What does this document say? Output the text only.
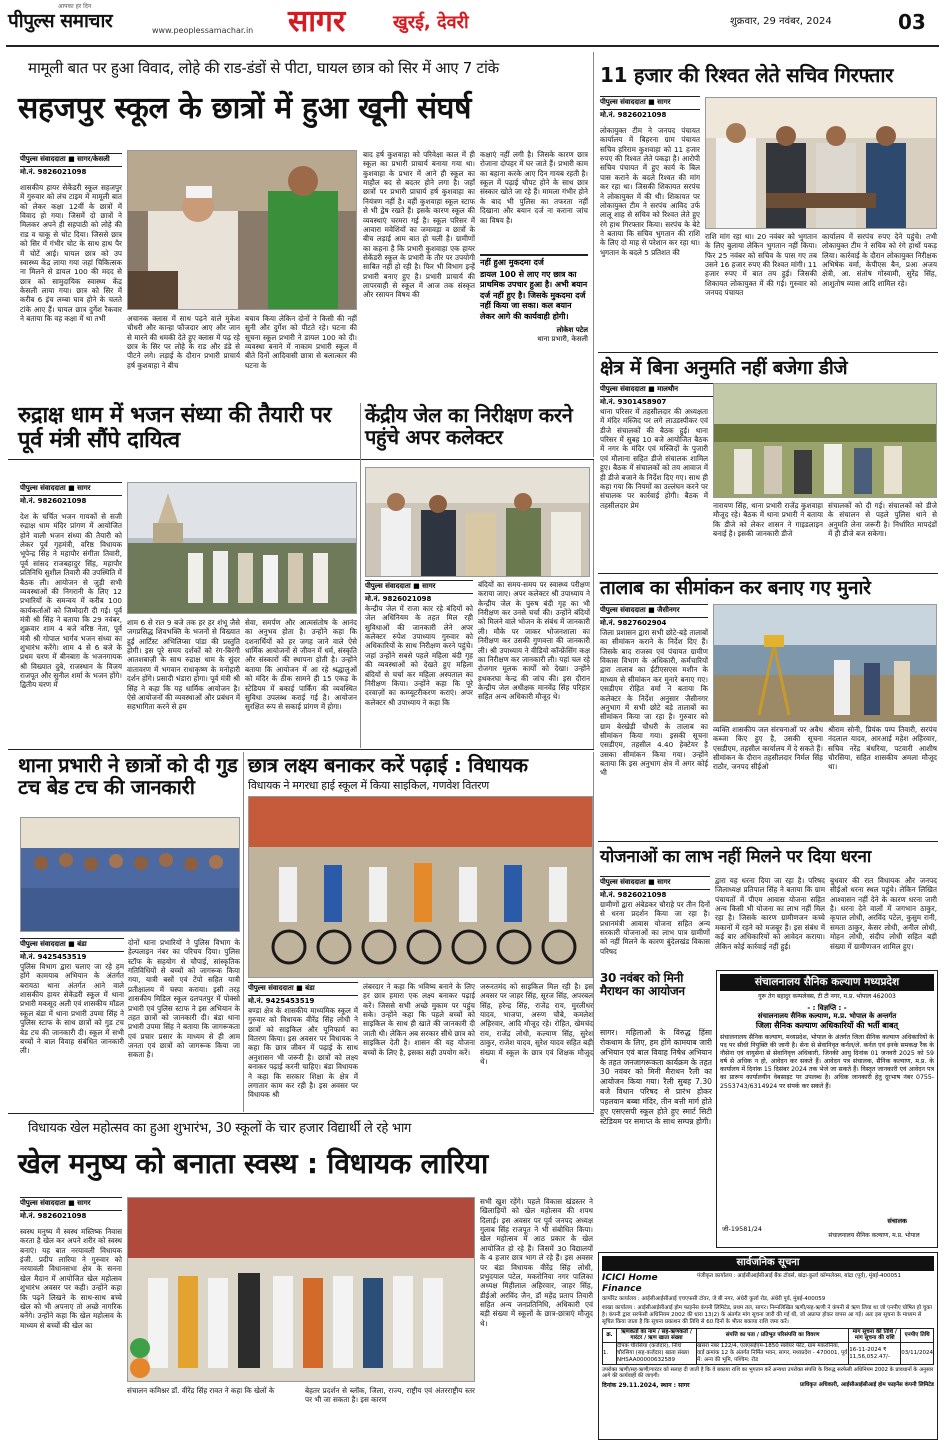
पीपुल्स समाचार
आपका हर दिन
www.peoplessamachar.in सागर	खुरई, देवरी	शुक्रवार, 29 नवंबर, 2024	03
मामूली बात पर हुआ विवाद, लोहे की राड-डंडों से पीटा, घायल छात्र को सिर में आए 7 टांके
सहजपुर स्कूल के छात्रों में हुआ खूनी संघर्ष
पीपुल्स संवाददाता ■ सागर/केसली
मो.नं. 9826021098
शासकीय हायर सेकेंडरी स्कूल सहजपुर में गुरुवार को लंच टाइम में मामूली बात को लेकर कक्षा 12वीं के छात्रों में विवाद हो गया। जिसमें दो छात्रों ने मिलकर अपने ही सहपाठी को लोहे की राड व चाकू से चोट दिया। जिससे छात्र को सिर में गंभीर चोट के साथ हाथ पैर में चोटें आई। घायल छात्र को उप स्वास्थ्य केंद्र लाया गया जहां चिकित्सक ना मिलने से डायल 100 की मदद से छात्र को सामुदायिक स्वास्थ्य केंद्र केसली लाया गया। छात्र को सिर में करीब 6 इंच लम्बा घाव होने के चलते टांके आए हैं। घायल छात्र दुर्गेश रैकवार ने बताया कि वह कक्षा में था तभी	अचानक क्लास में साथ पढ़ने वाले मुकेश चौधरी और कान्हा फौजदार आए और जान से मारने की धमकी देते हुए क्लास में पढ़ रहे छात्र के सिर पर लोहे के राड और डंडे से पीटने लगे। लड़ाई के दौरान प्रभारी प्राचार्य हर्ष कुशवाहा ने बीच
बचाव किया लेकिन दोनों ने किसी की नहीं सुनी और दुर्गेश को पीटते रहे। घटना की सूचना स्कूल प्रभारी ने डायल 100 को दी। व्यवस्था बनाने में नाकाम प्रभारी स्कूल में बीते दिनों आदिवासी छात्रा से बलात्कार की घटना के
बाद हर्ष कुशवाहा को परिवेक्षा काल में ही स्कूल का प्रभारी प्राचार्य बनाया गया था। कुशवाहा के प्रभार में आने ही स्कूल का माहौल बद से बदतर होने लगा है। जहाँ छात्रों पर प्रभारी प्राचार्य हर्ष कुशवाहा का नियंत्रण नहीं है। वहीं कुशवाहा स्कूल स्टाफ से भी द्वेष रखते हैं। इसके कारण स्कूल की व्यवस्थाएं चरमरा गई है। स्कूल परिसर में आवारा मवेशियों का जमावड़ा व छात्रों के बीच लड़ाई आम बात हो चली है। ग्रामीणों का कहना है कि प्रभारी कुशवाहा एक हायर सेकेंडरी स्कूल के प्रभारी के तौर पर उपयोगी साबित नहीं हो रही है। फिर भी विभाग इन्हें प्रभारी बनाए हुए है। प्रभारी प्राचार्य की लापरवाही से स्कूल में आज तक संस्कृत और रसायन विषय की
कक्षाएं नहीं लगी है। जिसके कारण छात्र रोजाना दोपहर में घर जाते हैं। प्रभारी काम का बहाना करके आए दिन गायब रहती है। स्कूल में पढ़ाई चौपट होने के साथ छात्र संस्कार खोते जा रहे हैं। मामला गंभीर होने के बाद भी पुलिस का तफरता नहीं दिखाना और बयान दर्ज ना कराना जांच का विषय है।
नहीं हुआ मुकदमा दर्ज
डायल 100 से लाए गए छात्र का प्राथमिक उपचार हुआ है। अभी बयान दर्ज नहीं हुए है। जिसके मुकदमा दर्ज नहीं किया जा सका। कल बयान लेकर आगे की कार्यवाही होगी।
लोकेश पटेल
थाना प्रभारी, केसली
11 हजार की रिश्वत लेते सचिव गिरफ्तार
पीपुल्स संवाददाता ■ सागर
मो.नं. 9826021098
लोकायुक्त टीम ने जनपद पंचायत कार्यालय में बिहरना ग्राम पंचायत सचिव हरिराम कुशवाहा को 11 हजार रुपए की रिश्वत लेते पकड़ा है। आरोपी सचिव पंचायत में हुए कार्य के बिल पास कराने के बदले रिश्वत की मांग कर रहा था। जिसकी शिकायत सरपंच ने लोकायुक्त में की थी। शिकायत पर लोकायुक्त टीम ने सरपंच आविद उर्फ लालू शाह से सचिव को रिश्वत लेते हुए रंगे हाथ गिरफ्तार किया। सरपंच के बेटे ने बताया कि सचिव भुगतान की राशि के लिए दो माह से परेशान कर रहा था। भुगतान के बदले 5 प्रतिशत की
राशि मांग रहा था। 20 नवंबर को भुगतान के लिए बुलाया लेकिन भुगतान नहीं किया। फिर 25 नवंबर को सचिव के पास गए तब उसने 16 हजार रुपए की रिश्वत मांगी। 11 हजार रुपए में बात तय हुई। जिसकी शिकायत लोकायुक्त में की गई। गुरुवार को जनपद पंचायत
कार्यालय में सरपंच रुपए देने पहुंचे। तभी लोकायुक्त टीम ने सचिव को रंगे हाथों पकड़ लिया। कार्रवाई के दौरान लोकायुक्त निरीक्षक अभिषेक वर्मा, केपीएस बैन, प्रआ अजय क्षेत्री, आ. संतोष गोस्वामी, सुरेंद्र सिंह, आशुतोष व्यास आदि शामिल रहे।
क्षेत्र में बिना अनुमति नहीं बजेगा डीजे
पीपुल्स संवाददाता ■ मालथौन
मो.नं. 9301458907
थाना परिसर में तहसीलदार की अध्यक्षता में मंदिर मस्जिद पर लगे लाउडस्पीकर एवं डीजे संचालकों की बैठक हुई। थाना परिसर में सुबह 10 बजे आयोजित बैठक में नगर के मंदिर एवं मस्जिदों के पुजारी एवं मौलाना सहित डीजे संचालक शामिल हुए। बैठक में संचालकों को तय आवाज में ही डीजे बजाने के निर्देश दिए गए। साथ ही कहा गया कि नियमों का उल्लंघन करने पर संचालक पर कार्रवाई होगी। बैठक में तहसीलदार प्रेम	नारायण सिंह, थाना प्रभारी राजेंद्र कुशवाहा मौजूद रहे। बैठक में थाना प्रभारी ने बताया कि डीजे को लेकर शासन ने गाइडलाइन बनाई है। इसकी जानकारी डीजे
संचालकों को दी गई। संचालकों को डीजे के संचालन से पहले पुलिस थाने से अनुमति लेना जरूरी है। निर्धारित मापदंडों में ही डीजे बज सकेगा।
रुद्राक्ष धाम में भजन संध्या की तैयारी पर पूर्व मंत्री सौंपे दायित्व
पीपुल्स संवाददाता ■ सागर
मो.नं. 9826021098
देश के चर्चित भजन गायकों से सजी रुद्राक्ष धाम मंदिर प्रांगण में आयोजित होने वाली भजन संध्या की तैयारी को लेकर पूर्व गृहमंत्री, वरिष्ठ विधायक भूपेन्द्र सिंह ने महापौर संगीता तिवारी, पूर्व सांसद राजबहादुर सिंह, महापौर प्रतिनिधि सुशील तिवारी की उपस्थिति में बैठक ली। आयोजन से जुड़ी सभी व्यवस्थाओं की निगरानी के लिए 12 प्रभारियों के समन्वय में करीब 100 कार्यकर्ताओं को जिम्मेदारी दी गई। पूर्व मंत्री श्री सिंह ने बताया कि 29 नवंबर, शुक्रवार शाम 4 बजे वरिष्ठ नेता, पूर्व मंत्री श्री गोपाल भार्गव भजन संध्या का शुभारंभ करेंगे। शाम 4 से 6 बजे के प्रथम चरण में बीनबाग़ के भजनगायक श्री विख्यात दुबे, राजस्थान के विजय राजपूत और सुनील शर्मा के भजन होंगे। द्वितीय चरण में
शाम 6 से रात 9 बजे तक हर हर शंभू जैसे जगप्रसिद्ध शिवभक्ति के भजनों से विख्यात हुईं आर्टिस्ट अभिलिप्सा पांडा की प्रस्तुति होगी। इस पूरे समय दर्शकों को रंग-बिरंगी आतशबाज़ी के साथ रुद्राक्ष धाम के सुंदर वातावरण में भगवान राधाकृष्ण के मनोहारी दर्शन होंगे। प्रसादी भंडारा होगा। पूर्व मंत्री श्री सिंह ने कहा कि यह धार्मिक आयोजन है। ऐसे आयोजनों की व्यवस्थाओं और प्रबंधन में सहभागिता करने से हम
सेवा, समर्पण और आत्मसंतोष के आनंद का अनुभव होता है। उन्होंने कहा कि दशनार्थियों को हर जगह जाने वाले ऐसे धार्मिक आयोजनों से जीवन में धर्म, संस्कृति और संस्कारों की स्थापना होती है। उन्होंने बताया कि आयोजन में आ रहे श्रद्धालुओं को मंदिर के ठीक सामने ही 15 एकड़ के स्टेडियम में बकाई पार्किंग की व्यवस्थित सुविधा उपलब्ध कराई गई है। आयोजन सुरक्षित रूप से सकाई प्रांगण में होगा।
केंद्रीय जेल का निरीक्षण करने पहुंचे अपर कलेक्टर
पीपुल्स संवाददाता ■ सागर
मो.नं. 9826021098
केन्द्रीय जेल में राजा कार रहे बंदियों को जेल अधिनियम के तहत मिल रही सुविधाओं की जानकारी लेने अपर कलेक्टर रुपेश उपाध्याय गुरुवार को अधिकारियों के साथ निरीक्षण करने पहुंचे। जहां उन्होंने सबसे पहले महिला बंदी गृह की व्यवस्थाओं को देखते हुए महिला बंदियों से चर्चा कर महिला अस्पताल का निरीक्षण किया। उन्होंने कहा कि पूरे दरवाज़ों का कम्प्यूटरीकरण कराएं। अपर कलेक्टर श्री उपाध्याय ने कहा कि
बंदियों का समय-समय पर स्वास्थ्य परीक्षण कराया जाए। अपर कलेक्टर श्री उपाध्याय ने केन्द्रीय जेल के पुरुष बंदी गृह का भी निरीक्षण कर उनसे चर्चा की। उन्होंने बंदियों को मिलने वाले भोजन के संबंध में जानकारी ली। मौके पर जाकर भोजनशाला का निरीक्षण कर उसकी गुणवत्ता की जानकारी ली। श्री उपाध्याय ने वीडियो कॉन्फ्रेंसिंग कक्ष का निरीक्षण कर जानकारी ली। यहां चल रहे रोजगार मूलक कार्यों को देखा। उन्होंने हथकरघा केन्द्र की जांच की। इस दौरान केन्द्रीय जेल अधीक्षक मानवेंद्र सिंह परिहार सहित अन्य अधिकारी मौजूद थे।
तालाब का सीमांकन कर बनाए गए मुनारे
पीपुल्स संवाददाता ■ जैसीनगर
मो.नं. 9827602904
जिला प्रशासन द्वारा सभी छोटे-बड़े तालाबों का सीमांकन कराने के निर्देश दिए हैं। जिसके बाद राजस्व एवं पंचायत ग्रामीण विकास विभाग के अधिकारी, कर्मचारियों द्वारा तालाब का ईटीएसएस मशीन के माध्यम से सीमांकन कर मुनारे बनाए गए। एसडीएम रोहित वर्मा ने बताया कि कलेक्टर के निर्देश अनुसार जैसीनगर अनुभाग में सभी छोटे बड़े तालाबों का सीमांकन किया जा रहा है। गुरुवार को ग्राम बेरखेड़ी चौधरी के तालाब का सीमांकन किया गया। इसकी सूचना एसडीएम, तहसील 4.40 हेक्टेयर है उसका सीमांकन किया गया। उन्होंने बताया कि इस अनुभाग क्षेत्र में अगर कोई भी
व्यक्ति शासकीय जल संरचनाओं पर अवैध कब्जा किए हुए है, उसकी सूचना एसडीएम, तहसील कार्यालय में दे सकते हैं। सीमांकन के दौरान तहसीलदार निर्मल सिंह राठौर, जनपद सीईओ
श्रीराम सोनी, प्रियंक पम्प तिवारी, सरपंच नंदलाल यादव, आरआई महेश अहिरवार, सचिव नरेंद्र बंधरिया, पटवारी आशीष चौरसिया, सहित शासकीय अमला मौजूद था।
थाना प्रभारी ने छात्रों को दी गुड टच बेड टच की जानकारी
पीपुल्स संवाददाता ■ बंडा
मो.नं. 9425453519
पुलिस विभाग द्वारा चलाए जा रहे हम होंगे कामयाब अभियान के अंतर्गत बरायठा थाना अंतर्गत आने वाले शासकीय हायर सेकेंडरी स्कूल में थाना प्रभारी मकसूद अली एवं शासकीय मॉडल स्कूल बंडा में थाना प्रभारी उपमा सिंह ने पुलिस स्टाफ के साथ छात्रों को गुड टच बेड टच की जानकारी दी। स्कूल में सभी बच्चों ने बाल विवाह संबंधित जानकारी ली।
दोनों थाना प्रभारियों ने पुलिस विभाग के हेल्पलाइन नंबर का परिचय दिया। पुलिस स्टॉफ के सहयोग से चौपाई, सांस्कृतिक गतिविधियों से बच्चों को जागरूक किया गया, यात्री बसों एवं टेंपो सहित यात्री प्रतीक्षालय में चस्पा कराया। इसी तरह शासकीय मिडिल स्कूल दलपतपुर में पोक्सो प्रभारी एवं पुलिस स्टाफ ने इस अभियान के तहत छात्रों को जानकारी दी। बंडा थाना प्रभारी उपमा सिंह ने बताया कि जागरूकता एवं प्रचार प्रसार के माध्यम से ही आम जनता एवं छात्रों को जागरूक किया जा सकता है।
छात्र लक्ष्य बनाकर करें पढ़ाई : विधायक
विधायक ने मगरधा हाई स्कूल में किया साइकिल, गणवेश वितरण
पीपुल्स संवाददाता ■ बंडा
मो.नं. 9425453519
बण्डा क्षेत्र के शासकीय माध्यमिक स्कूल में गुरुवार को विधायक वीरेंद्र सिंह लोधी ने छात्रों को साइकिल और यूनिफार्म का वितरण किया। इस अवसर पर विधायक ने कहा कि छात्र जीवन में पढ़ाई के साथ अनुशासन भी जरूरी है। छात्रों को लक्ष्य बनाकर पढ़ाई करनी चाहिए। बंडा विधायक ने कहा कि सरकार शिक्षा के क्षेत्र में लगातार काम कर रही है। इस अवसर पर विधायक श्री
लंबरदार ने कहा कि भविष्य बनाने के लिए हर छात्र हमारा एक लक्ष्य बनाकर पढ़ाई करें। जिससे सभी अच्छे मुकाम पर पहुंच सके। उन्होंने कहा कि पहले बच्चों को साइकिल के साथ ही खाते की जानकारी दी जाती थी। लेकिन अब सरकार सीधे छात्र को साइकिल देती है। शासन की यह योजना बच्चों के लिए है, इसका सही उपयोग करें।
जरूरतमंद को साइकिल मिल रही है। इस अवसर पर जाहर सिंह, सूरज सिंह, अपरबल सिंह, हरेन्द्र सिंह, राजेंद्र राय, मुरलीधर यादव, भाजपा, अरुण चौबे, कमलेश अहिरवार, आदि मौजूद रहे। रोहित, खेमचंद राय, राजेंद्र लोधी, कल्याण सिंह, सुरेश ठाकुर, राजेश यादव, सुरेश यादव सहित बड़ी संख्या में स्कूल के छात्र एवं शिक्षक मौजूद थे।
योजनाओं का लाभ नहीं मिलने पर दिया धरना
पीपुल्स संवाददाता ■ सागर
मो.नं. 9826021098
ग्रामीणों द्वारा अंबेडकर चौराहे पर तीन दिनों से धरना प्रदर्शन किया जा रहा है। प्रधानमंत्री आवास योजना सहित अन्य सरकारी योजनाओं का लाभ पात्र ग्रामीणों को नहीं मिलने के कारण बुंदेलखंड विकास परिषद
द्वारा यह धरना दिया जा रहा है। परिषद जिलाध्यक्ष प्रतिपाल सिंह ने बताया कि ग्राम पंचायतों में पीएम आवास योजना सहित अन्य किसी भी योजना का लाभ नहीं मिल रहा है। जिसके कारण ग्रामीणजन कच्चे मकानों में रहने को मजबूर हैं। इस संबंध में कई बार अधिकारियों को आवेदन कराया। लेकिन कोई कार्रवाई नहीं हुई।
बुधवार की रात विधायक और जनपद सीईओ धरना स्थल पहुंचे। लेकिन लिखित आश्वासन नहीं देने के कारण धरना जारी है। धरना देने वालों में जगभान ठाकुर, कृपाल लोधी, अरविंद पटेल, कुसुम रानी, समता ठाकुर, केसर लोधी, अनील लोधी, मोहन लोधी, संदीप लोधी सहित बड़ी संख्या में ग्रामीणजन शामिल हुए।
30 नवंबर को मिनी मैराथन का आयोजन
सागर। महिलाओं के विरुद्ध हिंसा रोकथाम के लिए, हम होंगे कामयाब जारी अभियान एवं बाल विवाह निषेध अभियान के तहत जनजागरूकता कार्यक्रम के तहत 30 नवंबर को मिनी मैराथन रैली का आयोजन किया गया। रैली सुबह 7.30 बजे विधान परिषद से प्रारंभ होकर पहलवान बब्बा मंदिर, तीन बत्ती मार्ग होते हुए एसएसपी स्कूल होते हुए स्मार्ट सिटी स्टेडियम पर समाप्त के साथ सम्पन्न होगी।
संचालनालय सैनिक कल्याण मध्यप्रदेश
गुरू तेग बहादुर कम्पलेक्स, टी टी नगर, म.प्र. भोपाल 462003
- : विज्ञप्ति : -
संचालनालय सैनिक कल्याण, म.प्र. भोपाल के अन्तर्गत
जिला सैनिक कल्याण अधिकारियों की भर्ती बाबत्
संचालनालय सैनिक कल्याण, मध्यप्रदेश, भोपाल के अंतर्गत जिला सैनिक कल्याण अधिकारियों के पद पर सीधी नियुक्ति की जानी है। सेना से सेवानिवृत कर्नल/ले. कर्नल एवं इनके समकक्ष रैंक के नौसेना एवं वायुसेना से सेवानिवृत्त अधिकारी, जिनकी आयु दिनांक 01 जनवरी 2025 को 59 वर्ष से अधिक न हो, आवेदन कर सकते हैं। आवेदन पत्र संचालक, सैनिक कल्याण, म.प्र. के कार्यालय में दिनांक 15 दिसंबर 2024 तक भेजे जा सकते हैं। विस्तृत जानकारी एवं आवेदन पत्र का प्रारूप कार्यालयीन वेबसाइट पर उपलब्ध है। अधिक जानकारी हेतु दूरभाष नंबर 0755-2553743/6314924 पर संपर्क कर सकते हैं।
जी-19581/24
संचालक
संचालनालय सैनिक कल्याण, म.प्र. भोपाल
विधायक खेल महोत्सव का हुआ शुभारंभ, 30 स्कूलों के चार हजार विद्यार्थी ले रहे भाग
खेल मनुष्य को बनाता स्वस्थ : विधायक लारिया
पीपुल्स संवाददाता ■ सागर
मो.नं. 9826021098
स्वस्थ मनुष्य में स्वस्थ मस्तिष्क निवास करता है खेल कर अपने शरीर को स्वस्थ बनाएं। यह बात नरयावली विधायक इंजी. प्रदीप लारिया ने गुरुवार को नरयावली विधानसभा क्षेत्र के सनना खेल मैदान में आयोजित खेल महोत्सव शुभारंभ अवसर पर कही। उन्होंने कहा कि पढ़ने लिखने के साथ-साथ बच्चे खेल को भी अपनाए तो अच्छे नागरिक बनेंगे। उन्होंने कहा कि खेल महोत्सव के माध्यम से बच्चों की खेल का
सभी खुश रहेंगे। पहले विकास खंडस्तर ने खिलाड़ियों को खेल महोत्सव की शपथ दिलाई। इस अवसर पर पूर्व जनपद अध्यक्ष गुलाब सिंह राजपूत ने भी संबोधित किया। खेल महोत्सव में आठ प्रकार के खेल आयोजित हो रहे हैं। जिसमें 30 विद्यालयों के 4 हजार छात्र भाग ले रहे हैं। इस अवसर पर बंडा विधायक वीरेंद्र सिंह लोधी, प्रभुदयाल पटेल, मकरोनिया नगर पालिका अध्यक्ष मिहीलाल अहिरवार, जाहर सिंह, डीईओ अरविंद जैन, डॉ महेंद्र प्रताप तिवारी सहित अन्य जनप्रतिनिधि, अधिकारी एवं बड़ी संख्या में स्कूलों के छात्र-छात्राएं मौजूद थे।
संचालन कमिश्नर डॉ. वीरेंद्र सिंह रावत ने कहा कि खेलों के	बेहतर प्रदर्शन से ब्लॉक, जिला, राज्य, राष्ट्रीय एवं अंतरराष्ट्रीय स्तर पर भी जा सकता है। इस कारण
सार्वजनिक सूचना
ICICI Home Finance
पंजीकृत कार्यालय : आईसीआईसीआई बैंक टॉवर्स, बांद्रा-कुर्ला कॉम्पलेक्स, बांद्रा (पूर्व), मुंबई-400051
कार्पोरेट कार्यालय : आईसीआईसीआई एचएफसी टॉवर, जे बी नगर, अंधेरी कुर्ला रोड, अंधेरी पूर्व, मुंबई-400059
शाखा कार्यालय : आईसीआईसीआई होम फाइनेंस कंपनी लिमिटेड, प्रथम तल, सागर। निम्नलिखित ऋणी/सह-ऋणी ने कंपनी से ऋण लिया था जो एनपीए घोषित हो चुका है। कंपनी द्वारा सरफेसी अधिनियम 2002 की धारा 13(2) के अंतर्गत मांग सूचना जारी की गई थी, जो अप्राप्त होकर वापस आ गई। अतः इस सूचना के माध्यम से सूचित किया जाता है कि सूचना प्रकाशन की तिथि से 60 दिनों के भीतर बकाया राशि जमा करें।
क्र.	ऋणकर्ता का नाम / सह-ऋणकर्ता / गारंटर / ऋण खाता संख्या	संपत्ति का पता / प्रतिभूत परिसंपत्ति का विवरण	मांग सूचना की तिथि / मांग सूचना की राशि	एनपीए तिथि
1.	दीपक चौरसिया (कर्जदार), निधि चौरसिया (सह-कर्जदार) खाता संख्या NHSAA00000632589	खसरा नंबर 122/4, एलएसईएम-1850 स्क्वेयर फीट, ग्राम मकरोनिया, वार्ड क्रमांक 12 के अंतर्गत निर्मित भवन, सागर, मध्यप्रदेश - 470001, पूर्व में: अन्य की भूमि, पश्चिम: रोड	16-11-2024 ₹ 11,56,052.47/-	03/11/2024
उपरोक्त ऋणी/सह-ऋणी/गारंटर को सलाह दी जाती है कि वे बकाया राशि का भुगतान करें अन्यथा उपरोक्त संपत्ति के विरुद्ध सरफेसी अधिनियम 2002 के प्रावधानों के अनुसार आगे की कार्यवाही की जाएगी।
दिनांक 29.11.2024, स्थान : सागर	प्राधिकृत अधिकारी, आईसीआईसीआई होम फाइनेंस कंपनी लिमिटेड
